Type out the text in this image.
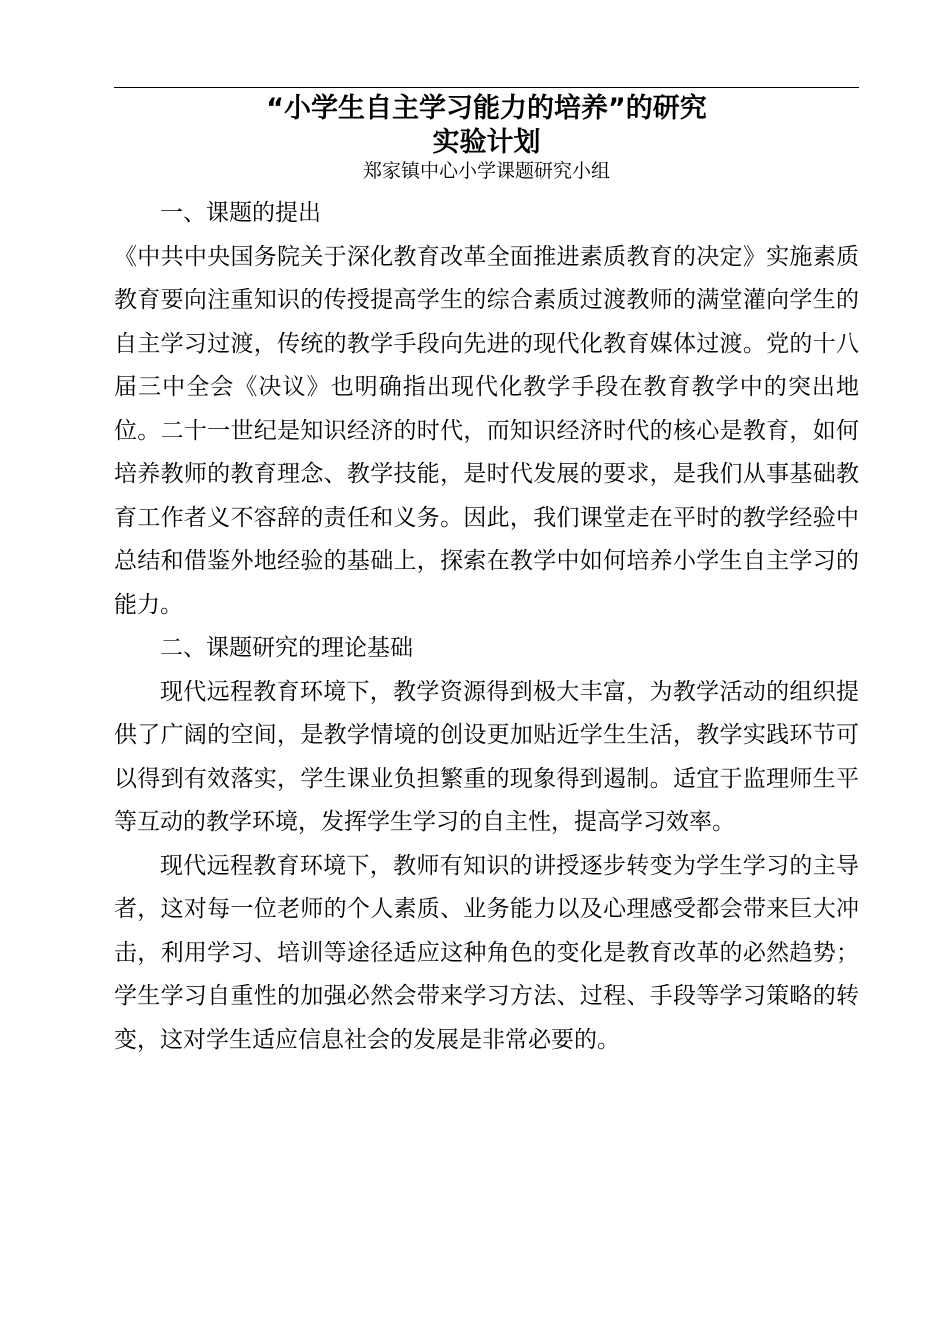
“小学生自主学习能力的培养”的研究
实验计划

郑家镇中心小学课题研究小组

一、课题的提出

《中共中央国务院关于深化教育改革全面推进素质教育的决定》实施素质教育要向注重知识的传授提高学生的综合素质过渡教师的满堂灌向学生的自主学习过渡，传统的教学手段向先进的现代化教育媒体过渡。党的十八届三中全会《决议》也明确指出现代化教学手段在教育教学中的突出地位。二十一世纪是知识经济的时代，而知识经济时代的核心是教育，如何培养教师的教育理念、教学技能，是时代发展的要求，是我们从事基础教育工作者义不容辞的责任和义务。因此，我们课堂走在平时的教学经验中总结和借鉴外地经验的基础上，探索在教学中如何培养小学生自主学习的能力。

二、课题研究的理论基础

现代远程教育环境下，教学资源得到极大丰富，为教学活动的组织提供了广阔的空间，是教学情境的创设更加贴近学生生活，教学实践环节可以得到有效落实，学生课业负担繁重的现象得到遏制。适宜于监理师生平等互动的教学环境，发挥学生学习的自主性，提高学习效率。

现代远程教育环境下，教师有知识的讲授逐步转变为学生学习的主导者，这对每一位老师的个人素质、业务能力以及心理感受都会带来巨大冲击，利用学习、培训等途径适应这种角色的变化是教育改革的必然趋势；学生学习自重性的加强必然会带来学习方法、过程、手段等学习策略的转变，这对学生适应信息社会的发展是非常必要的。
